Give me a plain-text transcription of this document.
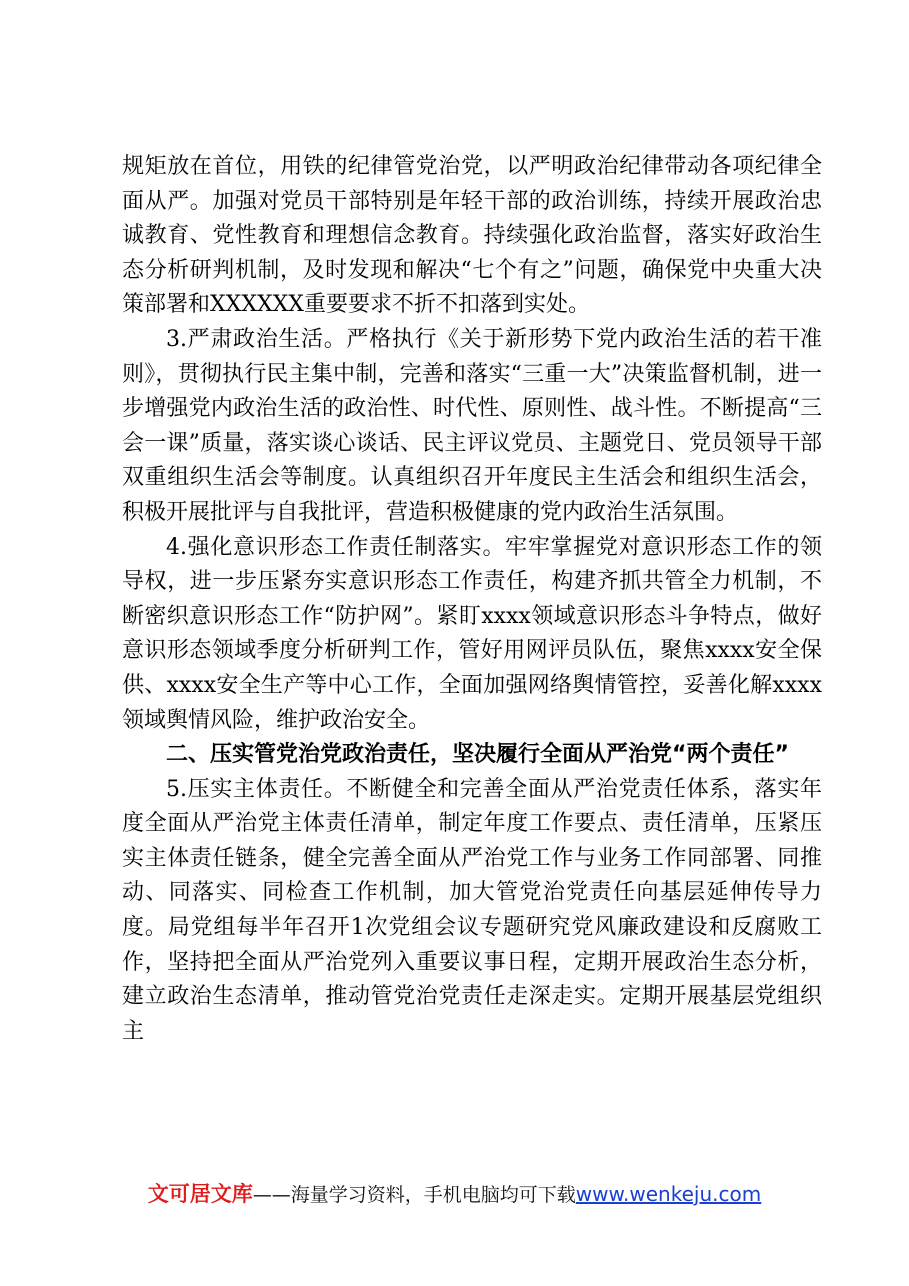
规矩放在首位，用铁的纪律管党治党，以严明政治纪律带动各项纪律全面从严。加强对党员干部特别是年轻干部的政治训练，持续开展政治忠诚教育、党性教育和理想信念教育。持续强化政治监督，落实好政治生态分析研判机制，及时发现和解决“七个有之”问题，确保党中央重大决策部署和XXXXXX重要要求不折不扣落到实处。

3.严肃政治生活。严格执行《关于新形势下党内政治生活的若干准则》，贯彻执行民主集中制，完善和落实“三重一大”决策监督机制，进一步增强党内政治生活的政治性、时代性、原则性、战斗性。不断提高“三会一课”质量，落实谈心谈话、民主评议党员、主题党日、党员领导干部双重组织生活会等制度。认真组织召开年度民主生活会和组织生活会，积极开展批评与自我批评，营造积极健康的党内政治生活氛围。

4.强化意识形态工作责任制落实。牢牢掌握党对意识形态工作的领导权，进一步压紧夯实意识形态工作责任，构建齐抓共管全力机制，不断密织意识形态工作“防护网”。紧盯xxxx领域意识形态斗争特点，做好意识形态领域季度分析研判工作，管好用网评员队伍，聚焦xxxx安全保供、xxxx安全生产等中心工作，全面加强网络舆情管控，妥善化解xxxx领域舆情风险，维护政治安全。

二、压实管党治党政治责任，坚决履行全面从严治党“两个责任”

5.压实主体责任。不断健全和完善全面从严治党责任体系，落实年度全面从严治党主体责任清单，制定年度工作要点、责任清单，压紧压实主体责任链条，健全完善全面从严治党工作与业务工作同部署、同推动、同落实、同检查工作机制，加大管党治党责任向基层延伸传导力度。局党组每半年召开1次党组会议专题研究党风廉政建设和反腐败工作，坚持把全面从严治党列入重要议事日程，定期开展政治生态分析，建立政治生态清单，推动管党治党责任走深走实。定期开展基层党组织主

文可居文库——海量学习资料，手机电脑均可下载www.wenkeju.com
